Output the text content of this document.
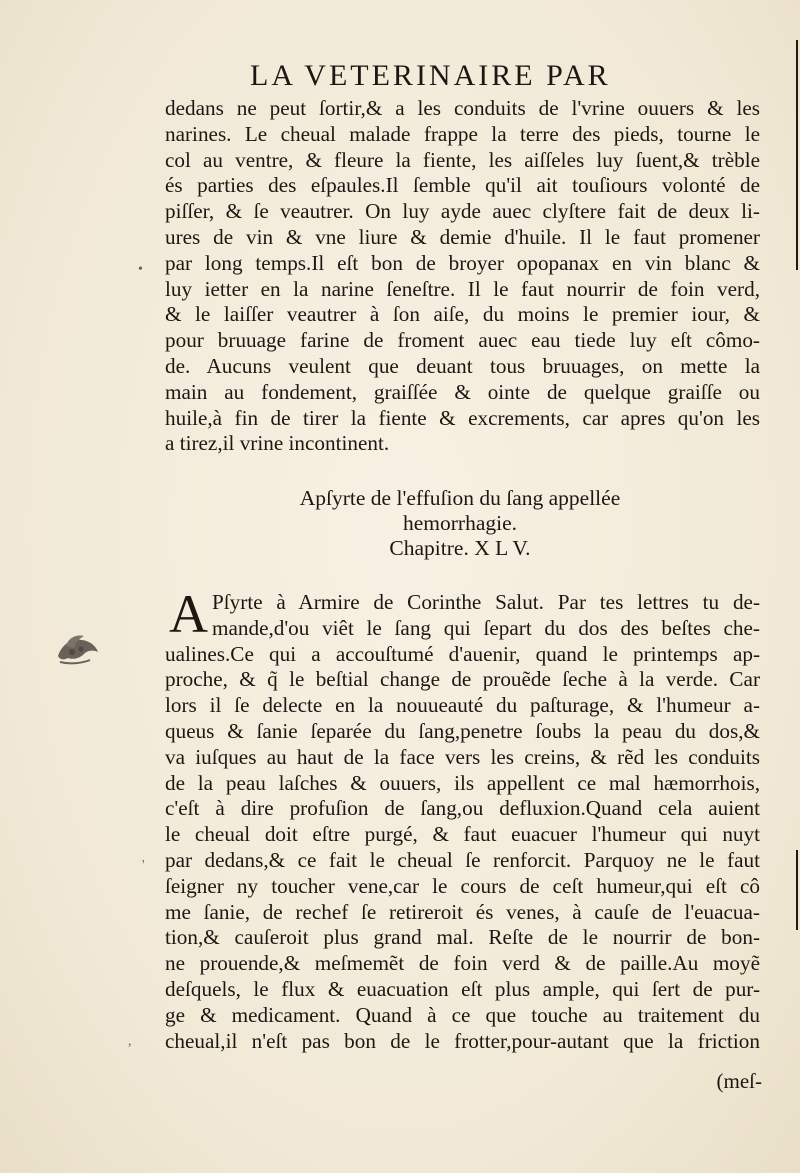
LA VETERINAIRE PAR
dedans ne peut ſortir,& a les conduits de l'vrine ouuers & les
narines. Le cheual malade frappe la terre des pieds, tourne le
col au ventre, & fleure la fiente, les aiſſeles luy ſuent,& trèble
és parties des eſpaules.Il ſemble qu'il ait touſiours volonté de
piſſer, & ſe veautrer. On luy ayde auec clyſtere fait de deux li-
ures de vin & vne liure & demie d'huile. Il le faut promener
par long temps.Il eſt bon de broyer opopanax en vin blanc &
luy ietter en la narine ſeneſtre. Il le faut nourrir de foin verd,
& le laiſſer veautrer à ſon aiſe, du moins le premier iour, &
pour bruuage farine de froment auec eau tiede luy eſt cômo-
de. Aucuns veulent que deuant tous bruuages, on mette la
main au fondement, graiſſée & ointe de quelque graiſſe ou
huile,à fin de tirer la fiente & excrements, car apres qu'on les
a tirez,il vrine incontinent.
Apſyrte de l'effuſion du ſang appellée
hemorrhagie.
Chapitre. X L V.
A Pſyrte à Armire de Corinthe Salut. Par tes lettres tu de-
mande,d'ou viêt le ſang qui ſepart du dos des beſtes che-
ualines.Ce qui a accouſtumé d'auenir, quand le printemps ap-
proche, & q̃ le beſtial change de prouẽde ſeche à la verde. Car
lors il ſe delecte en la nouueauté du paſturage, & l'humeur a-
queus & ſanie ſeparée du ſang,penetre ſoubs la peau du dos,&
va iuſques au haut de la face vers les creins, & rẽd les conduits
de la peau laſches & ouuers, ils appellent ce mal hæmorrhois,
c'eſt à dire profuſion de ſang,ou defluxion.Quand cela auient
le cheual doit eſtre purgé, & faut euacuer l'humeur qui nuyt
par dedans,& ce fait le cheual ſe renforcit. Parquoy ne le faut
ſeigner ny toucher vene,car le cours de ceſt humeur,qui eſt cô
me ſanie, de rechef ſe retireroit és venes, à cauſe de l'euacua-
tion,& cauſeroit plus grand mal. Reſte de le nourrir de bon-
ne prouende,& meſmemẽt de foin verd & de paille.Au moyẽ
deſquels, le flux & euacuation eſt plus ample, qui ſert de pur-
ge & medicament. Quand à ce que touche au traitement du
cheual,il n'eſt pas bon de le frotter,pour-autant que la friction
(meſ-
•
'
,
